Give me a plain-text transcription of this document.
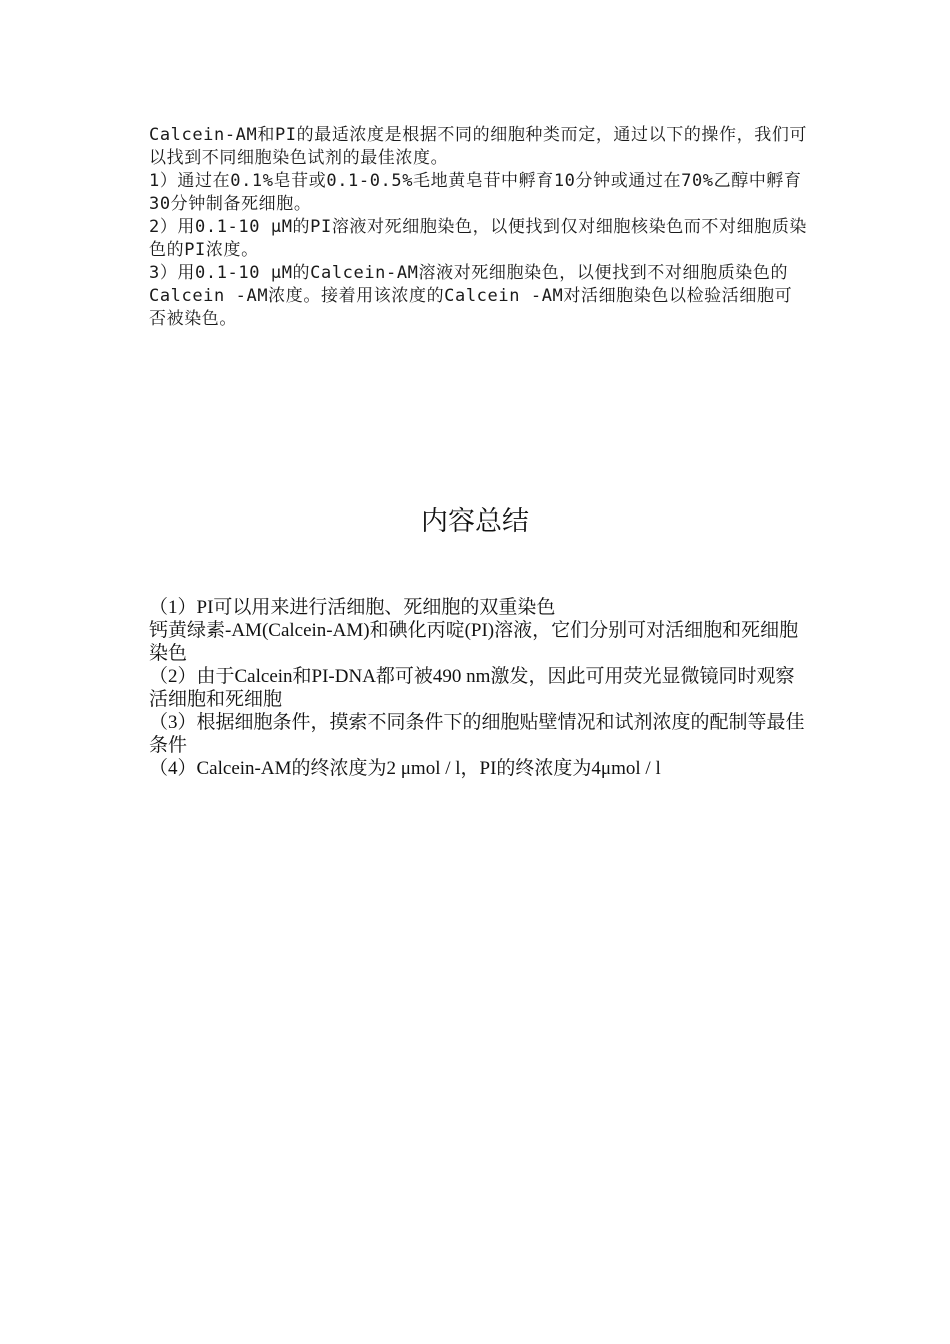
Calcein-AM和PI的最适浓度是根据不同的细胞种类而定，通过以下的操作，我们可以找到不同细胞染色试剂的最佳浓度。

1）通过在0.1%皂苷或0.1-0.5%毛地黄皂苷中孵育10分钟或通过在70%乙醇中孵育30分钟制备死细胞。

2）用0.1-10 μM的PI溶液对死细胞染色，以便找到仅对细胞核染色而不对细胞质染色的PI浓度。

3）用0.1-10 μM的Calcein-AM溶液对死细胞染色，以便找到不对细胞质染色的Calcein -AM浓度。接着用该浓度的Calcein -AM对活细胞染色以检验活细胞可否被染色。

内容总结

（1）PI可以用来进行活细胞、死细胞的双重染色

钙黄绿素-AM(Calcein-AM)和碘化丙啶(PI)溶液，它们分别可对活细胞和死细胞染色

（2）由于Calcein和PI-DNA都可被490 nm激发，因此可用荧光显微镜同时观察活细胞和死细胞

（3）根据细胞条件，摸索不同条件下的细胞贴壁情况和试剂浓度的配制等最佳条件

（4）Calcein-AM的终浓度为2 μmol / l，PI的终浓度为4μmol / l
